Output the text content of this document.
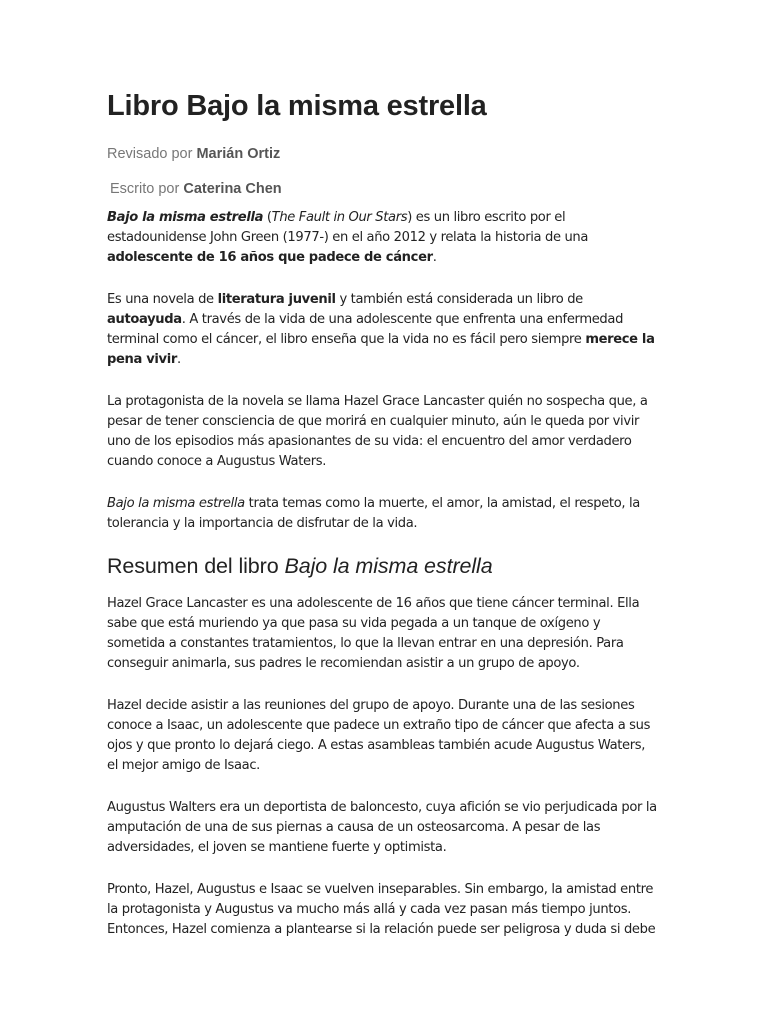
Libro Bajo la misma estrella
Revisado por Marián Ortiz
Escrito por Caterina Chen

Bajo la misma estrella (The Fault in Our Stars) es un libro escrito por el estadounidense John Green (1977-) en el año 2012 y relata la historia de una adolescente de 16 años que padece de cáncer.

Es una novela de literatura juvenil y también está considerada un libro de autoayuda. A través de la vida de una adolescente que enfrenta una enfermedad terminal como el cáncer, el libro enseña que la vida no es fácil pero siempre merece la pena vivir.

La protagonista de la novela se llama Hazel Grace Lancaster quién no sospecha que, a pesar de tener consciencia de que morirá en cualquier minuto, aún le queda por vivir uno de los episodios más apasionantes de su vida: el encuentro del amor verdadero cuando conoce a Augustus Waters.

Bajo la misma estrella trata temas como la muerte, el amor, la amistad, el respeto, la tolerancia y la importancia de disfrutar de la vida.

Resumen del libro Bajo la misma estrella

Hazel Grace Lancaster es una adolescente de 16 años que tiene cáncer terminal. Ella sabe que está muriendo ya que pasa su vida pegada a un tanque de oxígeno y sometida a constantes tratamientos, lo que la llevan entrar en una depresión. Para conseguir animarla, sus padres le recomiendan asistir a un grupo de apoyo.

Hazel decide asistir a las reuniones del grupo de apoyo. Durante una de las sesiones conoce a Isaac, un adolescente que padece un extraño tipo de cáncer que afecta a sus ojos y que pronto lo dejará ciego. A estas asambleas también acude Augustus Waters, el mejor amigo de Isaac.

Augustus Walters era un deportista de baloncesto, cuya afición se vio perjudicada por la amputación de una de sus piernas a causa de un osteosarcoma. A pesar de las adversidades, el joven se mantiene fuerte y optimista.

Pronto, Hazel, Augustus e Isaac se vuelven inseparables. Sin embargo, la amistad entre la protagonista y Augustus va mucho más allá y cada vez pasan más tiempo juntos. Entonces, Hazel comienza a plantearse si la relación puede ser peligrosa y duda si debe
